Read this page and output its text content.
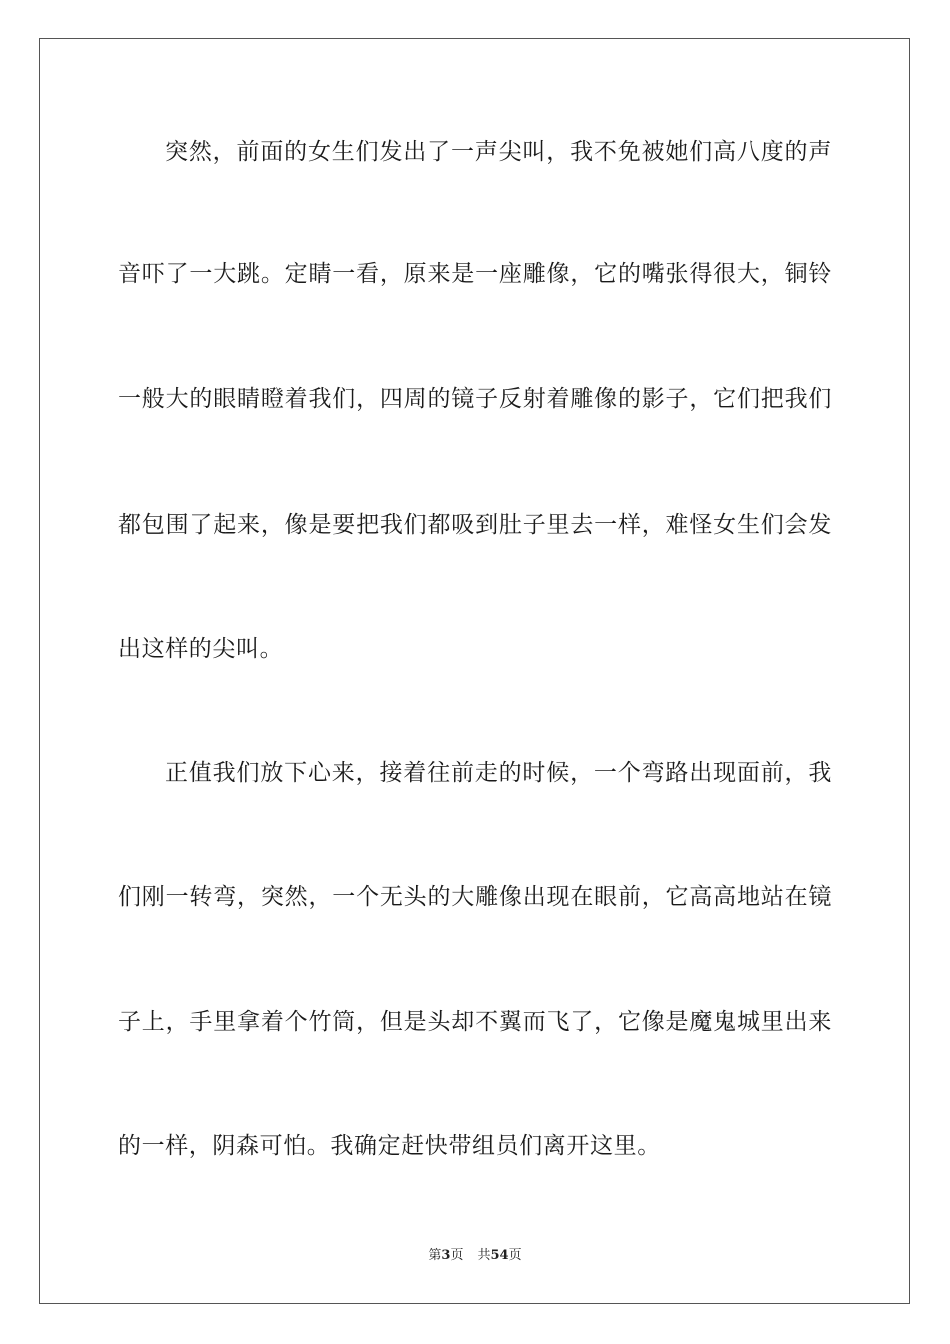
突然，前面的女生们发出了一声尖叫，我不免被她们高八度的声
音吓了一大跳。定睛一看，原来是一座雕像，它的嘴张得很大，铜铃
一般大的眼睛瞪着我们，四周的镜子反射着雕像的影子，它们把我们
都包围了起来，像是要把我们都吸到肚子里去一样，难怪女生们会发
出这样的尖叫。
正值我们放下心来，接着往前走的时候，一个弯路出现面前，我
们刚一转弯，突然，一个无头的大雕像出现在眼前，它高高地站在镜
子上，手里拿着个竹筒，但是头却不翼而飞了，它像是魔鬼城里出来
的一样，阴森可怕。我确定赶快带组员们离开这里。
第3页 共54页
